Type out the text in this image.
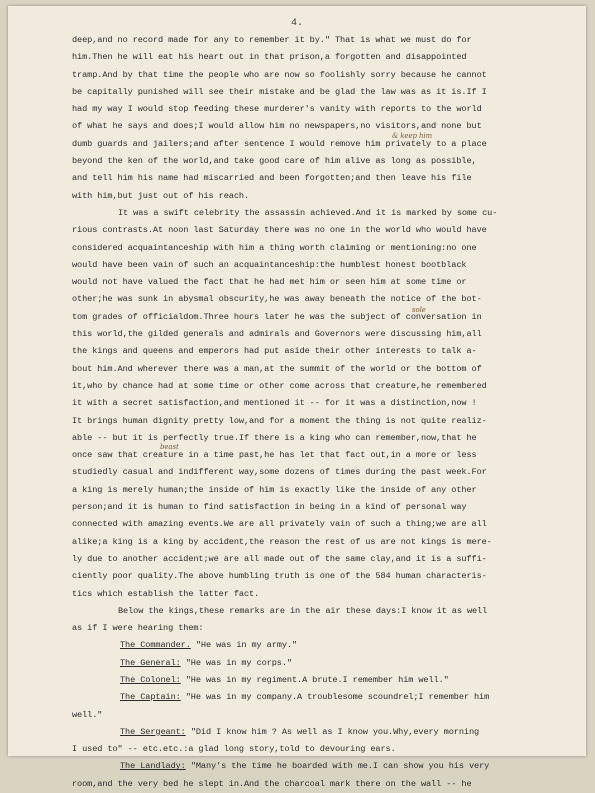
4.
deep,and no record made for any to remember it by." That is what we must do for
him.Then he will eat his heart out in that prison,a forgotten and disappointed
tramp.And by that time the people who are now so foolishly sorry because he cannot
be capitally punished will see their mistake and be glad the law was as it is.If I
had my way I would stop feeding these murderer's vanity with reports to the world
of what he says and does;I would allow him no newspapers,no visitors,and none but
dumb guards and jailers;and after sentence I would remove him privately to a place
& keep him
beyond the ken of the world,and take good care of him alive as long as possible,
and tell him his name had miscarried and been forgotten;and then leave his file
with him,but just out of his reach.
It was a swift celebrity the assassin achieved.And it is marked by some cu-
rious contrasts.At noon last Saturday there was no one in the world who would have
considered acquaintanceship with him a thing worth claiming or mentioning:no one
would have been vain of such an acquaintanceship:the humblest honest bootblack
would not have valued the fact that he had met him or seen him at some time or
other;he was sunk in abysmal obscurity,he was away beneath the notice of the bot-
tom grades of officialdom.Three hours later he was the subject of conversation in
sole
this world,the gilded generals and admirals and Governors were discussing him,all
the kings and queens and emperors had put aside their other interests to talk a-
bout him.And wherever there was a man,at the summit of the world or the bottom of
it,who by chance had at some time or other come across that creature,he remembered
it with a secret satisfaction,and mentioned it -- for it was a distinction,now !
It brings human dignity pretty low,and for a moment the thing is not quite realiz-
able -- but it is perfectly true.If there is a king who can remember,now,that he
once saw that creature in a time past,he has let that fact out,in a more or less
beast
studiedly casual and indifferent way,some dozens of times during the past week.For
a king is merely human;the inside of him is exactly like the inside of any other
person;and it is human to find satisfaction in being in a kind of personal way
connected with amazing events.We are all privately vain of such a thing;we are all
alike;a king is a king by accident,the reason the rest of us are not kings is mere-
ly due to another accident;we are all made out of the same clay,and it is a suffi-
ciently poor quality.The above humbling truth is one of the 584 human characteris-
tics which establish the latter fact.
Below the kings,these remarks are in the air these days:I know it as well
as if I were hearing them:
The Commander. "He was in my army."
The General: "He was in my corps."
The Colonel: "He was in my regiment.A brute.I remember him well."
The Captain: "He was in my company.A troublesome scoundrel;I remember him
well."
The Sergeant: "Did I know him ? As well as I know you.Why,every morning
I used to" -- etc.etc.:a glad long story,told to devouring ears.
The Landlady: "Many's the time he boarded with me.I can show you his very
room,and the very bed he slept in.And the charcoal mark there on the wall -- he
